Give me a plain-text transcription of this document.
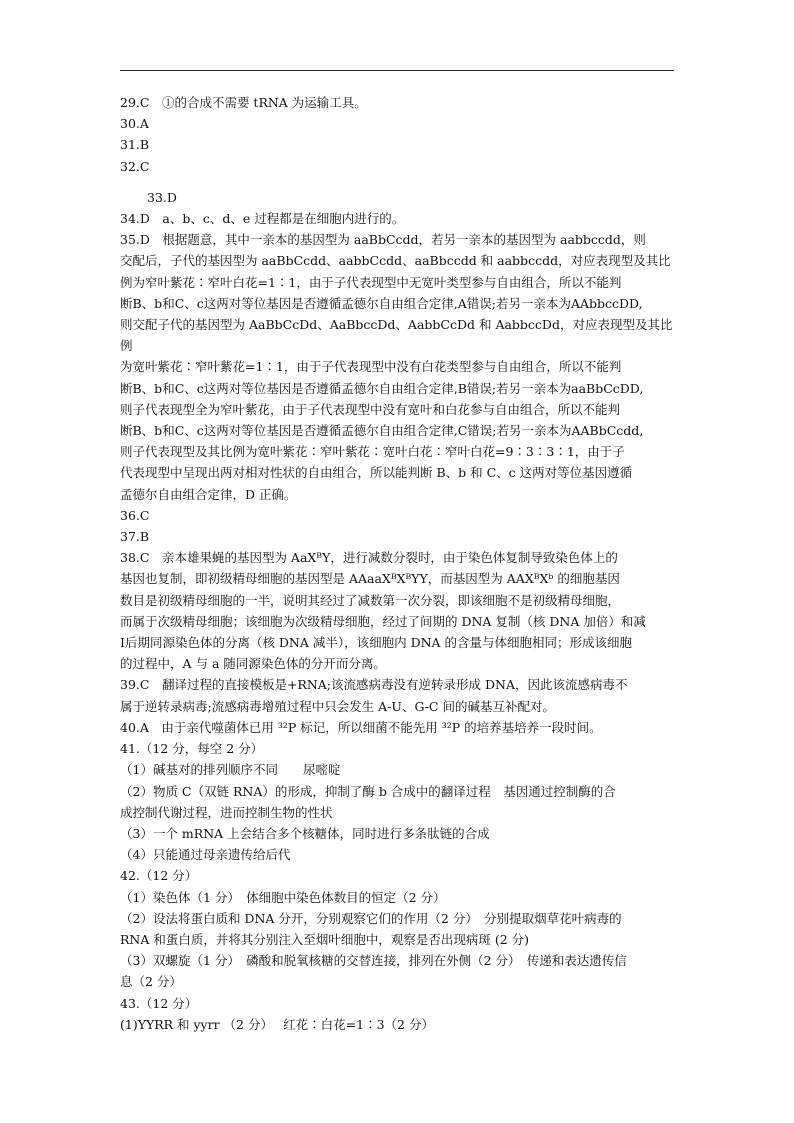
29.C　①的合成不需要 tRNA 为运输工具。
30.A
31.B
32.C
33.D
34.D　a、b、c、d、e 过程都是在细胞内进行的。
35.D　根据题意，其中一亲本的基因型为 aaBbCcdd，若另一亲本的基因型为 aabbccdd，则
交配后，子代的基因型为 aaBbCcdd、aabbCcdd、aaBbccdd 和 aabbccdd，对应表现型及其比
例为窄叶紫花∶窄叶白花=1∶1，由于子代表现型中无宽叶类型参与自由组合，所以不能判
断B、b和C、c这两对等位基因是否遵循孟德尔自由组合定律,A错误;若另一亲本为AAbbccDD,
则交配子代的基因型为 AaBbCcDd、AaBbccDd、AabbCcDd 和 AabbccDd，对应表现型及其比例
为宽叶紫花∶窄叶紫花=1∶1，由于子代表现型中没有白花类型参与自由组合，所以不能判
断B、b和C、c这两对等位基因是否遵循孟德尔自由组合定律,B错误;若另一亲本为aaBbCcDD,
则子代表现型全为窄叶紫花，由于子代表现型中没有宽叶和白花参与自由组合，所以不能判
断B、b和C、c这两对等位基因是否遵循孟德尔自由组合定律,C错误;若另一亲本为AABbCcdd,
则子代表现型及其比例为宽叶紫花∶窄叶紫花∶宽叶白花∶窄叶白花=9∶3∶3∶1，由于子
代表现型中呈现出两对相对性状的自由组合，所以能判断 B、b 和 C、c 这两对等位基因遵循
孟德尔自由组合定律，D 正确。
36.C
37.B
38.C　亲本雄果蝇的基因型为 AaXᴮY，进行减数分裂时，由于染色体复制导致染色体上的
基因也复制，即初级精母细胞的基因型是 AAaaXᴮXᴮYY，而基因型为 AAXᴮXᵇ 的细胞基因
数目是初级精母细胞的一半，说明其经过了减数第一次分裂，即该细胞不是初级精母细胞，
而属于次级精母细胞；该细胞为次级精母细胞，经过了间期的 DNA 复制（核 DNA 加倍）和减
Ⅰ后期同源染色体的分离（核 DNA 减半），该细胞内 DNA 的含量与体细胞相同；形成该细胞
的过程中，A 与 a 随同源染色体的分开而分离。
39.C　翻译过程的直接模板是+RNA;该流感病毒没有逆转录形成 DNA，因此该流感病毒不
属于逆转录病毒;流感病毒增殖过程中只会发生 A-U、G-C 间的碱基互补配对。
40.A　由于亲代噬菌体已用 ³²P 标记，所以细菌不能先用 ³²P 的培养基培养一段时间。
41.（12 分，每空 2 分）
（1）碱基对的排列顺序不同　　尿嘧啶
（2）物质 C（双链 RNA）的形成，抑制了酶 b 合成中的翻译过程　基因通过控制酶的合
成控制代谢过程，进而控制生物的性状
（3）一个 mRNA 上会结合多个核糖体，同时进行多条肽链的合成
（4）只能通过母亲遗传给后代
42.（12 分）
（1）染色体（1 分）　体细胞中染色体数目的恒定（2 分）
（2）设法将蛋白质和 DNA 分开，分别观察它们的作用（2 分）　分别提取烟草花叶病毒的
RNA 和蛋白质，并将其分别注入至烟叶细胞中，观察是否出现病斑 (2 分)
（3）双螺旋（1 分）　磷酸和脱氧核糖的交替连接，排列在外侧（2 分）　传递和表达遗传信
息（2 分）
43.（12 分）
(1)YYRR 和 yyrr （2 分）　 红花∶白花=1∶3（2 分）
